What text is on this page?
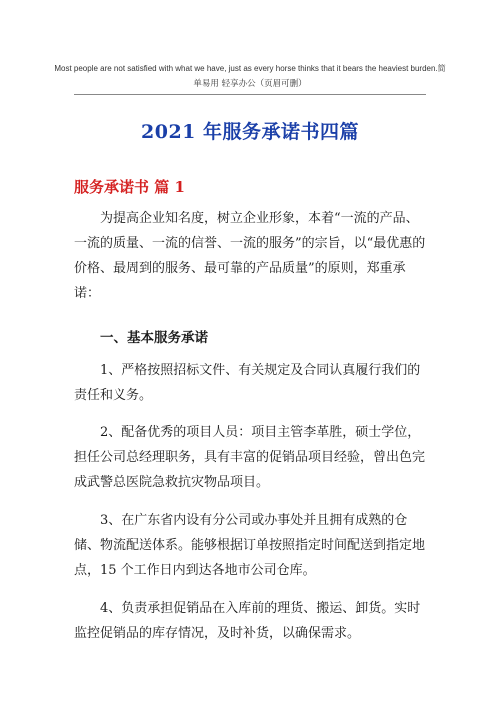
Most people are not satisfied with what we have, just as every horse thinks that it bears the heaviest burden.简
单易用 轻享办公（页眉可删）
2021 年服务承诺书四篇
服务承诺书 篇 1

为提高企业知名度，树立企业形象，本着“一流的产品、一流的质量、一流的信誉、一流的服务”的宗旨，以“最优惠的价格、最周到的服务、最可靠的产品质量”的原则，郑重承诺：

一、基本服务承诺

1、严格按照招标文件、有关规定及合同认真履行我们的责任和义务。

2、配备优秀的项目人员：项目主管李革胜，硕士学位，担任公司总经理职务，具有丰富的促销品项目经验，曾出色完成武警总医院急救抗灾物品项目。

3、在广东省内设有分公司或办事处并且拥有成熟的仓储、物流配送体系。能够根据订单按照指定时间配送到指定地点，15 个工作日内到达各地市公司仓库。

4、负责承担促销品在入库前的理货、搬运、卸货。实时监控促销品的库存情况，及时补货，以确保需求。
